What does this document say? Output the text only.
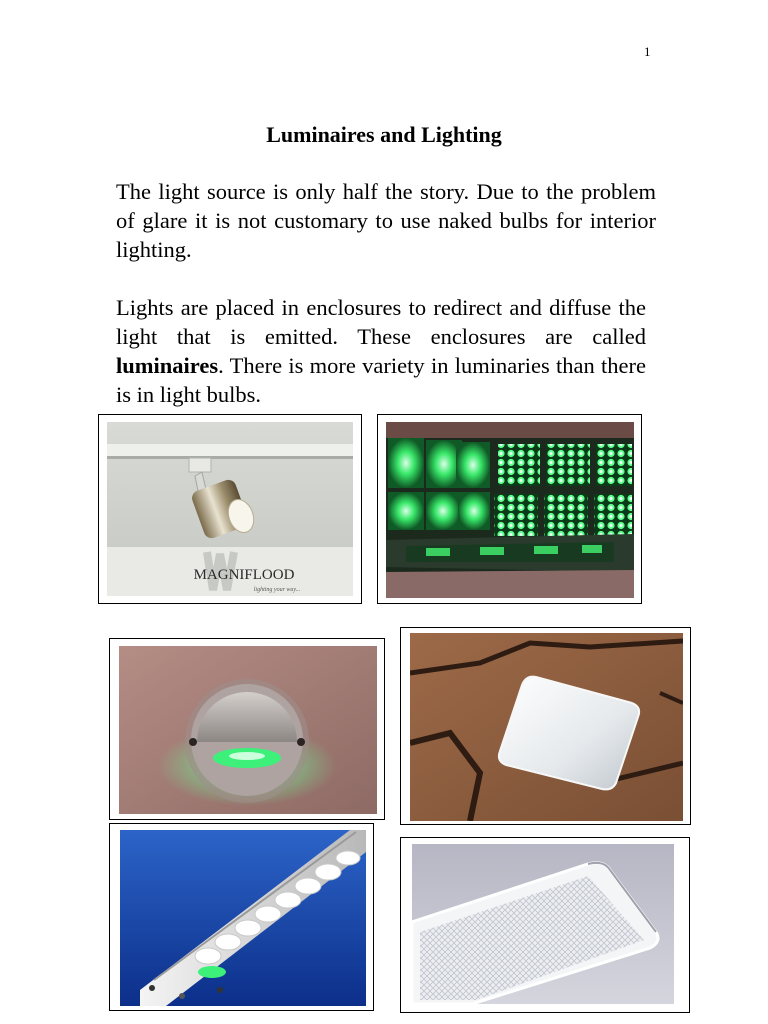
1
Luminaires and Lighting
The light source is only half the story. Due to the problem of glare it is not customary to use naked bulbs for interior lighting.
Lights are placed in enclosures to redirect and diffuse the light that is emitted. These enclosures are called luminaires. There is more variety in luminaries than there is in light bulbs.
MAGNIFLOOD
lighting your way...
